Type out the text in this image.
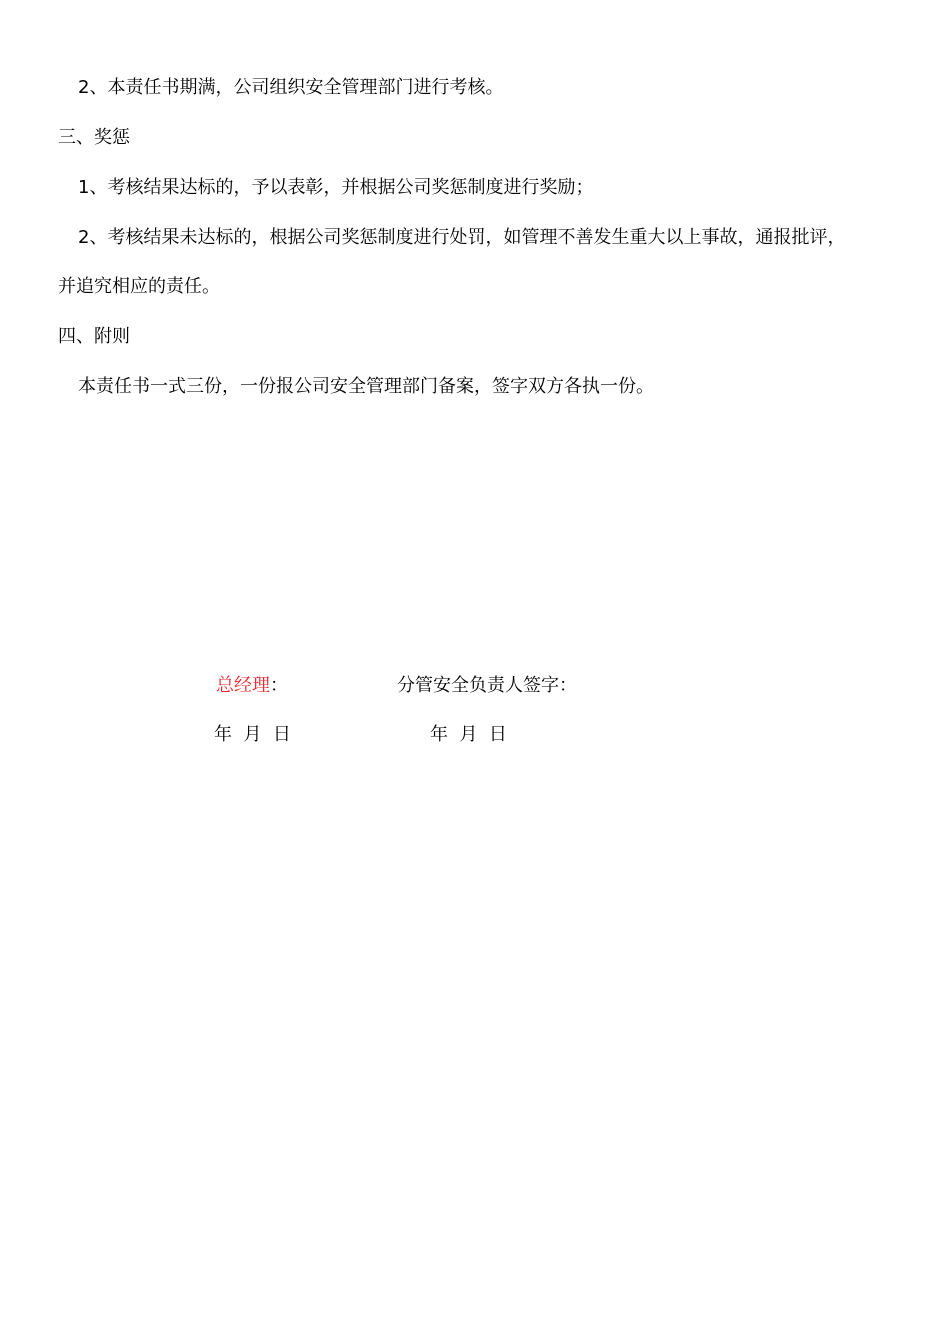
2、本责任书期满，公司组织安全管理部门进行考核。
三、奖惩
1、考核结果达标的，予以表彰，并根据公司奖惩制度进行奖励；
2、考核结果未达标的，根据公司奖惩制度进行处罚，如管理不善发生重大以上事故，通报批评，
并追究相应的责任。
四、附则
本责任书一式三份，一份报公司安全管理部门备案，签字双方各执一份。
总经理：	分管安全负责人签字：
年  月  日	年  月  日
